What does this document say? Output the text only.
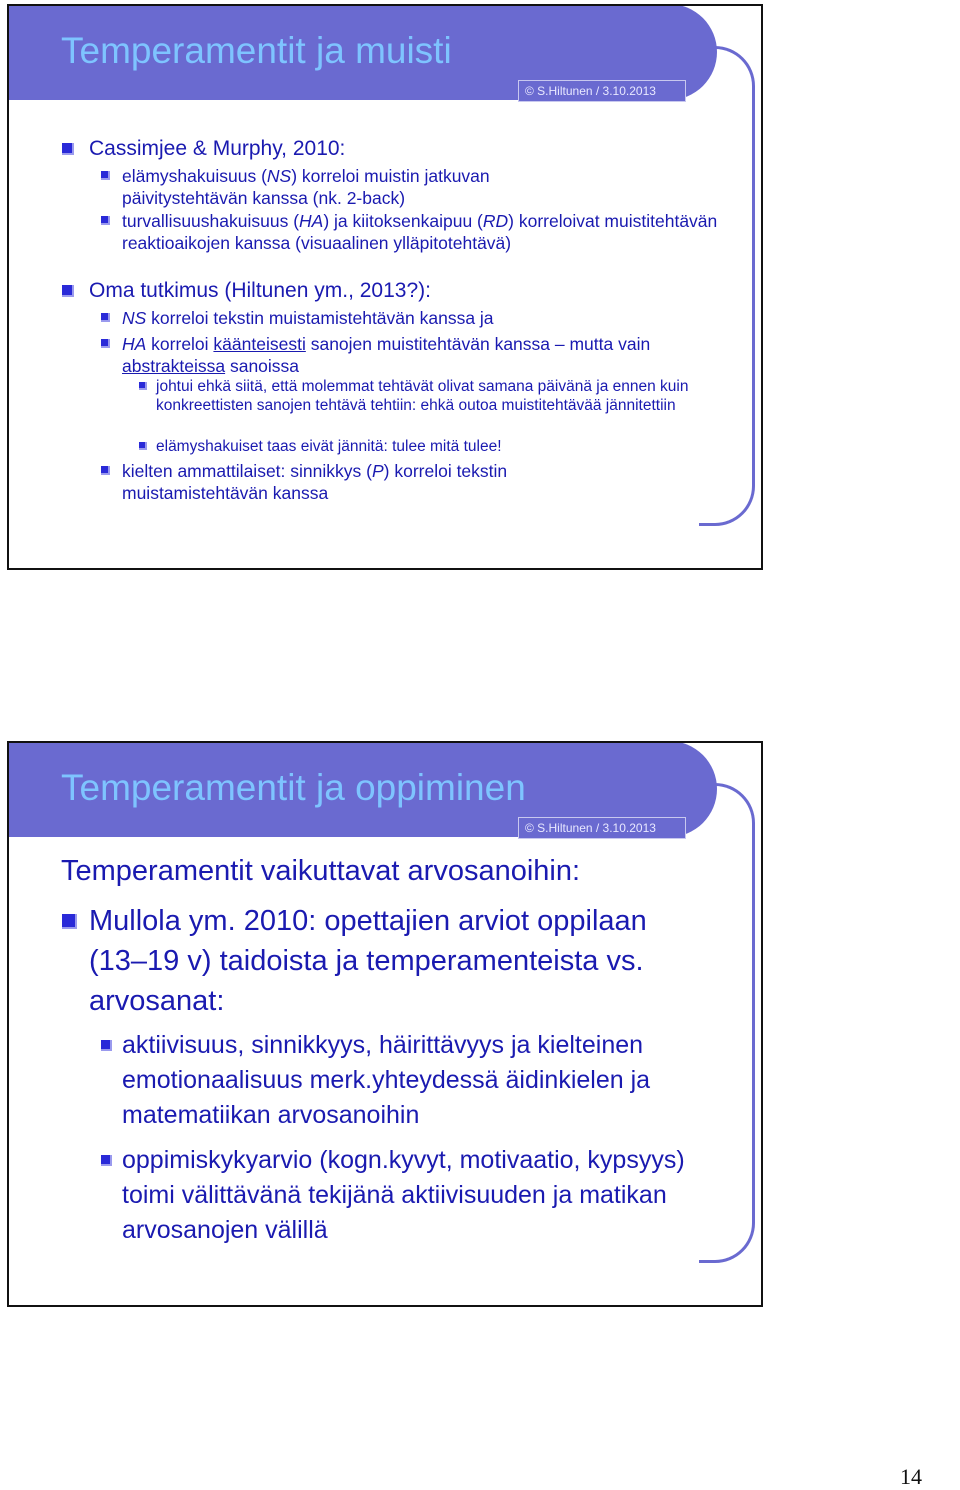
Temperamentit ja muisti
© S.Hiltunen / 3.10.2013

Cassimjee & Murphy, 2010:

elämyshakuisuus (NS) korreloi muistin jatkuvan päivitystehtävän kanssa (nk. 2-back)

turvallisuushakuisuus (HA) ja kiitoksenkaipuu (RD) korreloivat muistitehtävän reaktioaikojen kanssa (visuaalinen ylläpitotehtävä)

Oma tutkimus (Hiltunen ym., 2013?):

NS korreloi tekstin muistamistehtävän kanssa ja

HA korreloi käänteisesti sanojen muistitehtävän kanssa – mutta vain abstrakteissa sanoissa

johtui ehkä siitä, että molemmat tehtävät olivat samana päivänä ja ennen kuin konkreettisten sanojen tehtävä tehtiin: ehkä outoa muistitehtävää jännitettiin

elämyshakuiset taas eivät jännitä: tulee mitä tulee!

kielten ammattilaiset: sinnikkys (P) korreloi tekstin muistamistehtävän kanssa

Temperamentit ja oppiminen
© S.Hiltunen / 3.10.2013
Temperamentit vaikuttavat arvosanoihin:

Mullola ym. 2010: opettajien arviot oppilaan (13–19 v) taidoista ja temperamenteista vs. arvosanat:

aktiivisuus, sinnikkyys, häirittävyys ja kielteinen emotionaalisuus merk.yhteydessä äidinkielen ja matematiikan arvosanoihin

oppimiskykyarvio (kogn.kyvyt, motivaatio, kypsyys) toimi välittävänä tekijänä aktiivisuuden ja matikan arvosanojen välillä

14
